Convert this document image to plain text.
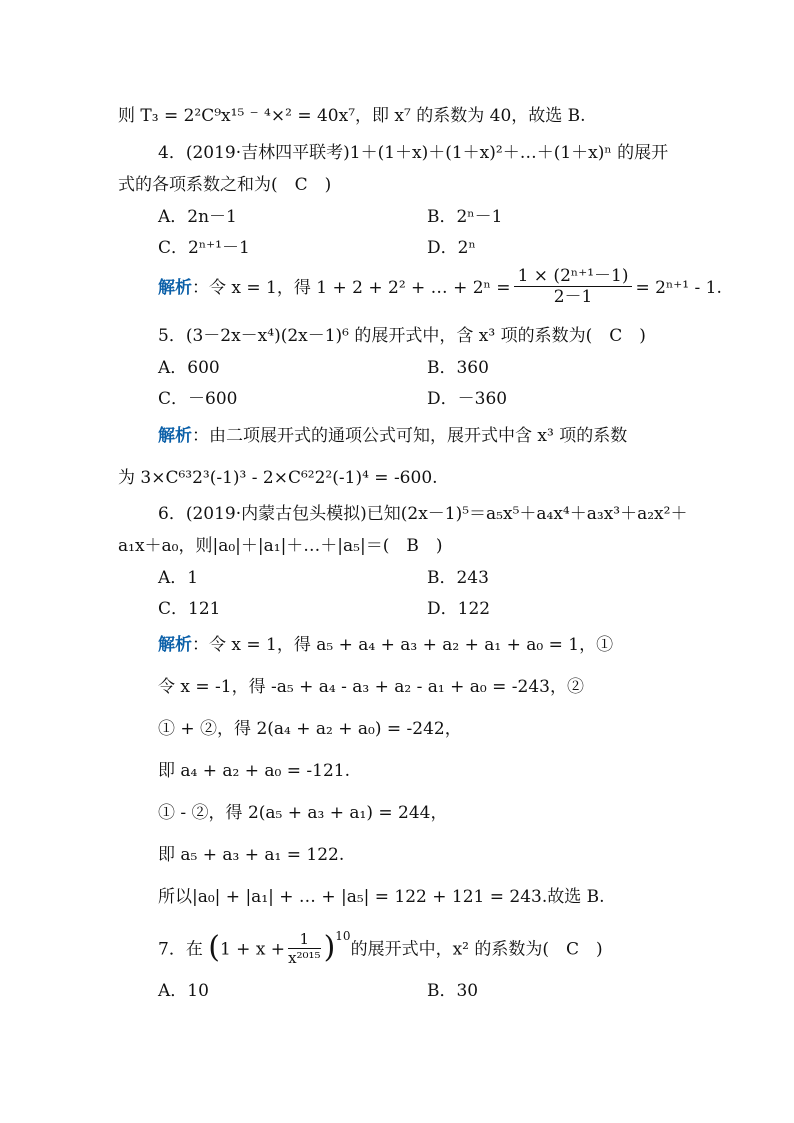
则 T₃ = 2²C⁹x¹⁵ ⁻ ⁴×² = 40x⁷，即 x⁷ 的系数为 40，故选 B.
4．(2019·吉林四平联考)1＋(1＋x)＋(1＋x)²＋…＋(1＋x)ⁿ 的展开
式的各项系数之和为(　C　)
A．2n－1	B．2ⁿ－1
C．2ⁿ⁺¹－1	D．2ⁿ
解析：令 x = 1，得 1 + 2 + 2² + … + $2^n = \frac{\text{1 × (2ⁿ⁺¹－1)}}{2-1} = 2^{n+1}$ ‑ 1.
5．(3－2x－x⁴)(2x－1)⁶ 的展开式中，含 x³ 项的系数为(　C　)
A．600	B．360
C．－600	D．－360
解析：由二项展开式的通项公式可知，展开式中含 x³ 项的系数
为 3×C⁶³2³(‑1)³ ‑ 2×C⁶²2²(‑1)⁴ = ‑600.
6．(2019·内蒙古包头模拟)已知(2x－1)⁵＝a₅x⁵＋a₄x⁴＋a₃x³＋a₂x²＋
a₁x＋a₀，则|a₀|＋|a₁|＋…＋|a₅|＝(　B　)
A．1	B．243
C．121	D．122
解析：令 x = 1，得 a₅ + a₄ + a₃ + a₂ + a₁ + a₀ = 1，①
令 x = ‑1，得 ‑a₅ + a₄ ‑ a₃ + a₂ ‑ a₁ + a₀ = ‑243，②
① + ②，得 2(a₄ + a₂ + a₀) = ‑242，
即 a₄ + a₂ + a₀ = ‑121.
① ‑ ②，得 2(a₅ + a₃ + a₁) = 244，
即 a₅ + a₃ + a₁ = 122.
所以|a₀| + |a₁| + … + |a₅| = 122 + 121 = 243.故选 B.
7．在 $(1 + x + \frac{1}{\text{x²⁰¹⁵}} )^{10}$的展开式中，x² 的系数为(　C　)
A．10	B．30
